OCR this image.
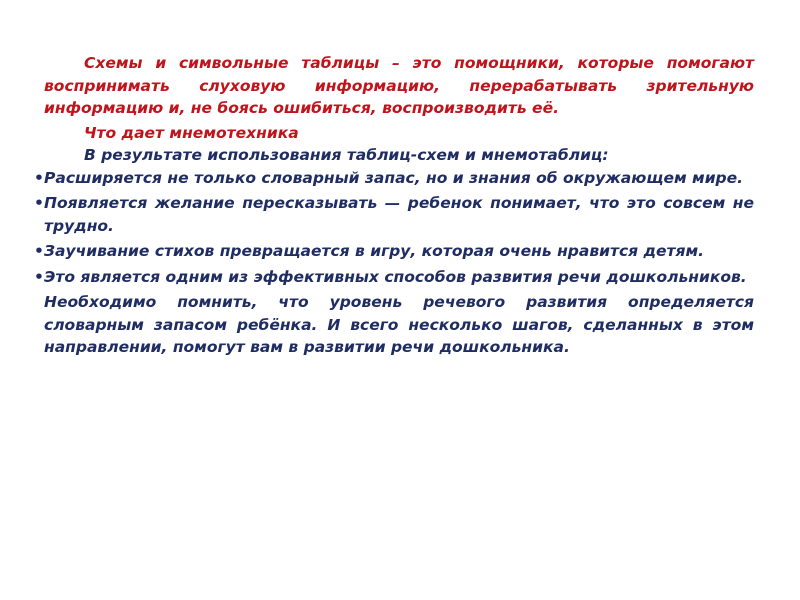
Схемы и символьные таблицы – это помощники, которые помогают воспринимать слуховую информацию, перерабатывать зрительную информацию и, не боясь ошибиться, воспроизводить её.

Что дает мнемотехника

В результате использования таблиц-схем и мнемотаблиц:

• Расширяется не только словарный запас, но и знания об окружающем мире.
• Появляется желание пересказывать — ребенок понимает, что это совсем не трудно.
• Заучивание стихов превращается в игру, которая очень нравится детям.
• Это является одним из эффективных способов развития речи дошкольников.

Необходимо помнить, что уровень речевого развития определяется словарным запасом ребёнка. И всего несколько шагов, сделанных в этом направлении, помогут вам в развитии речи дошкольника.
